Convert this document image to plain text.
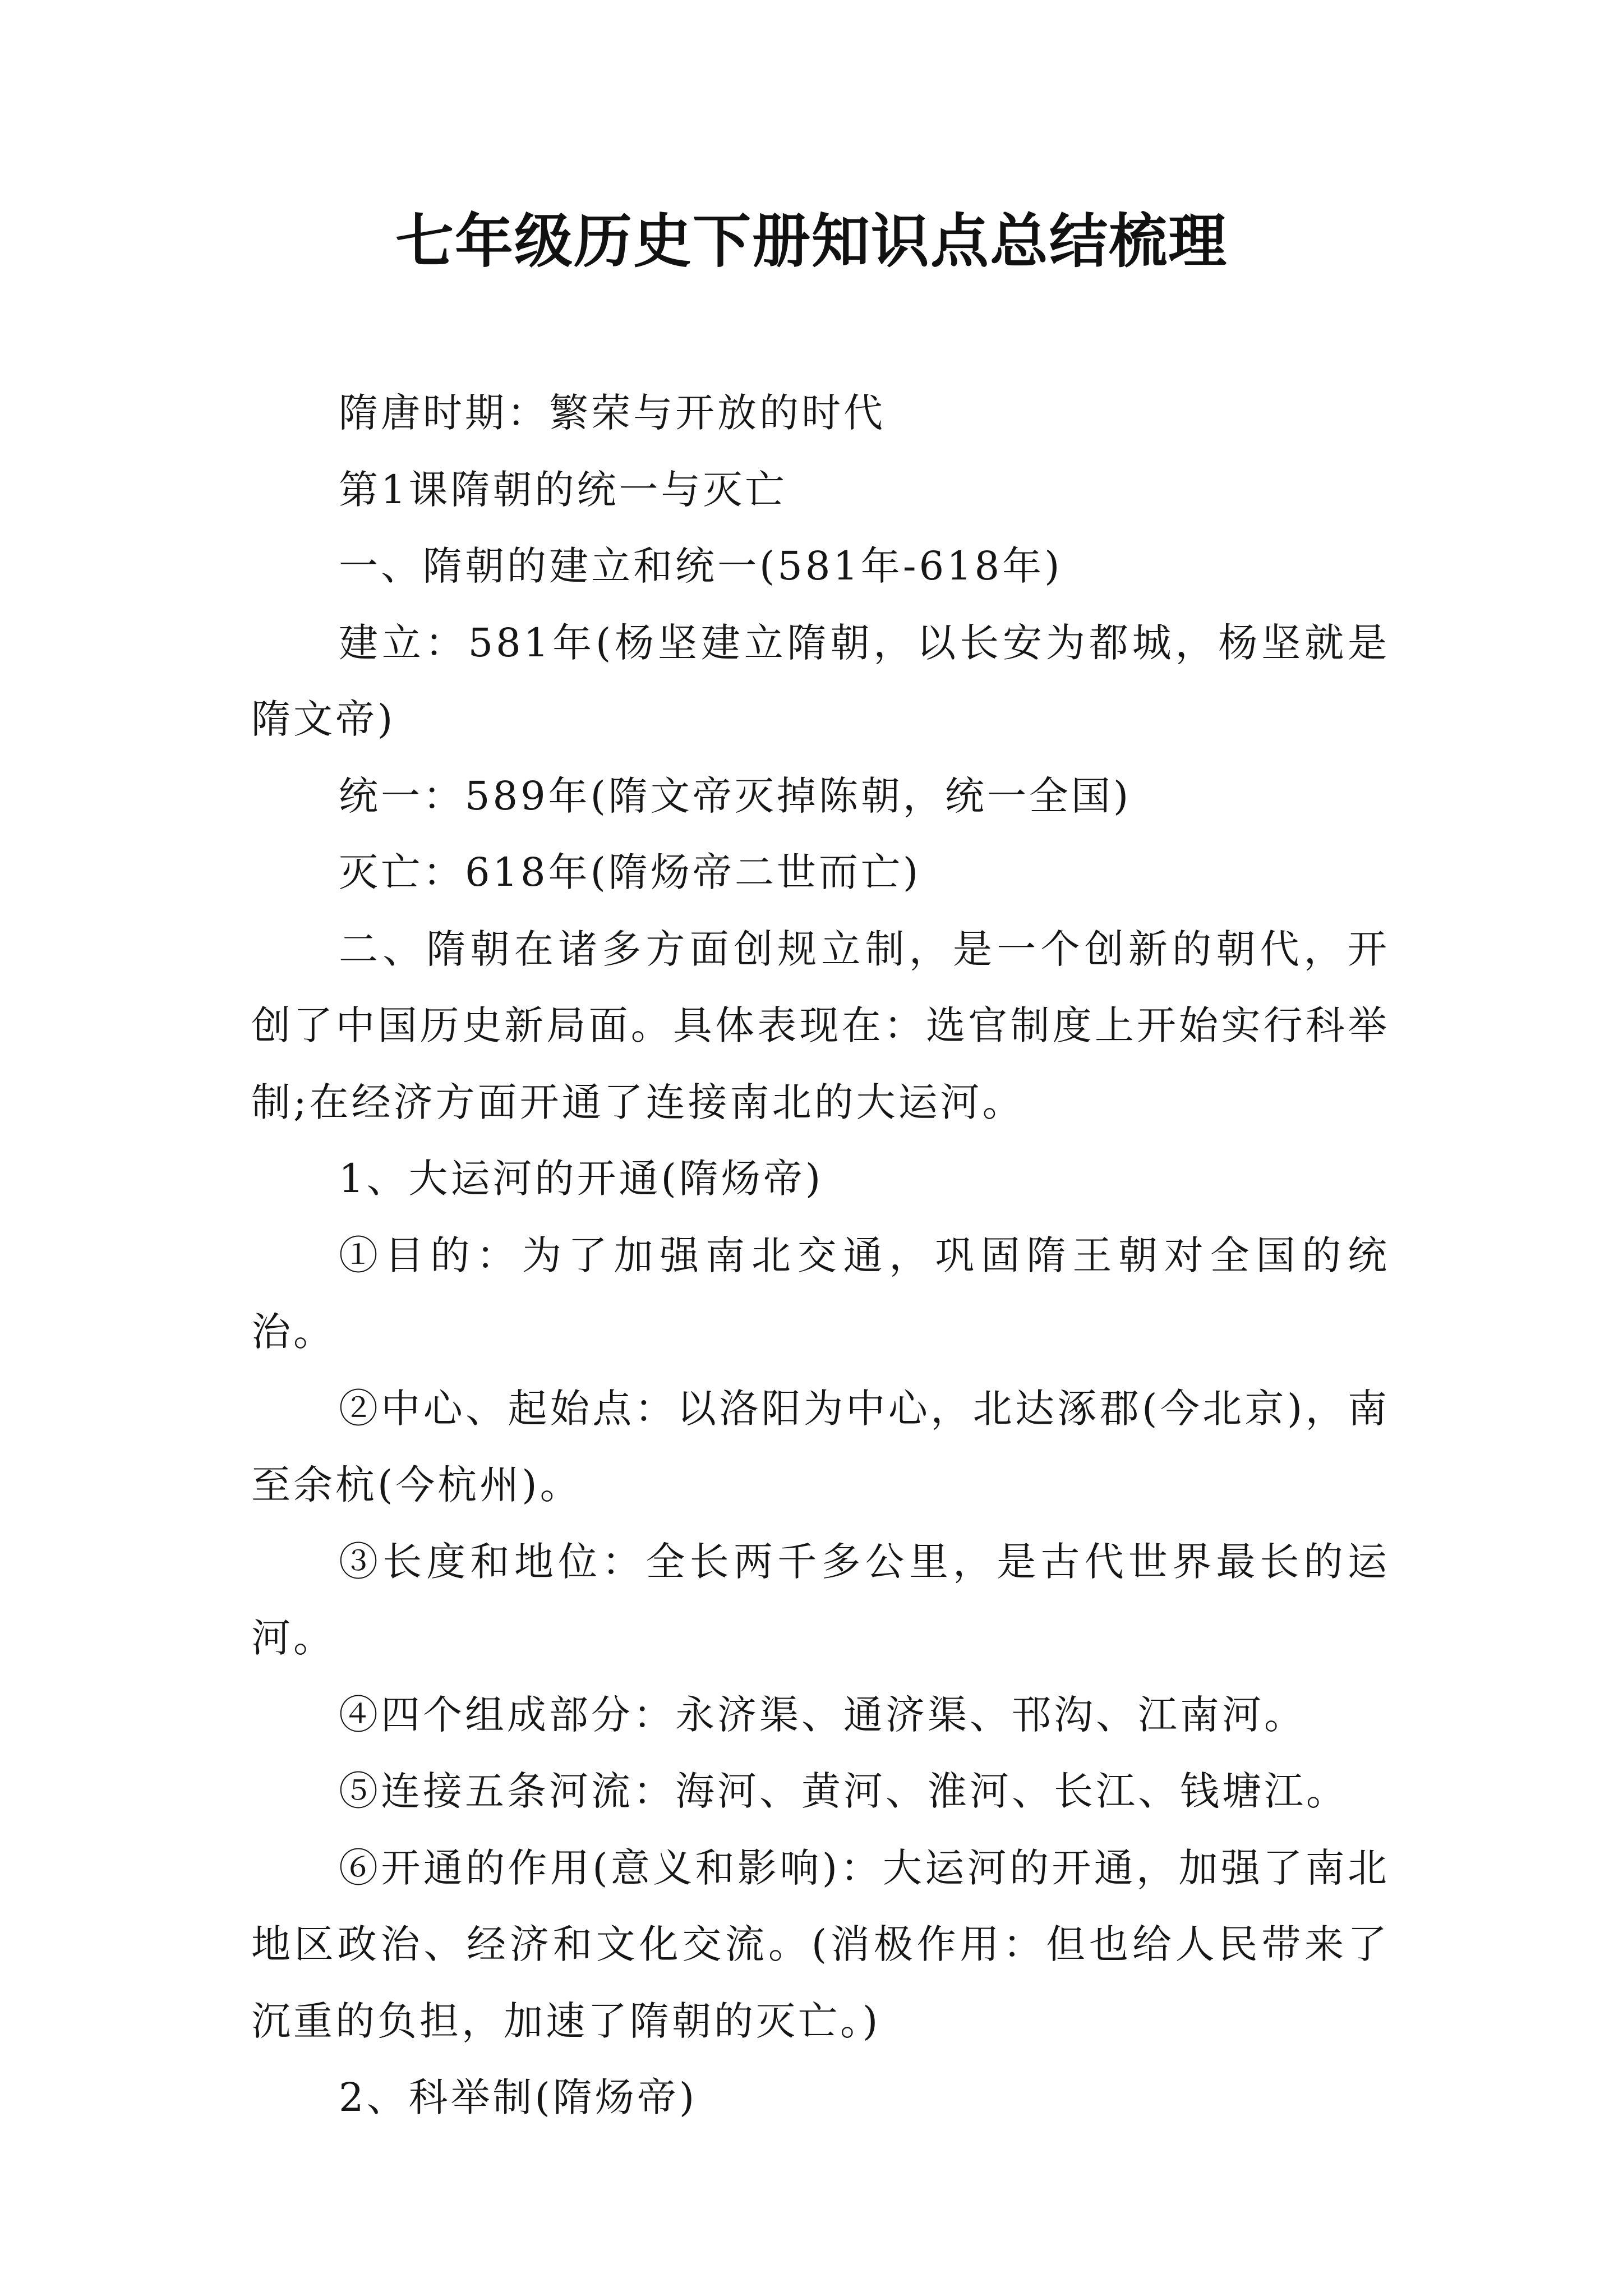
七年级历史下册知识点总结梳理

隋唐时期：繁荣与开放的时代

第1课隋朝的统一与灭亡

一、隋朝的建立和统一(581年-618年)

建立：581年(杨坚建立隋朝，以长安为都城，杨坚就是隋文帝)

统一：589年(隋文帝灭掉陈朝，统一全国)

灭亡：618年(隋炀帝二世而亡)

二、隋朝在诸多方面创规立制，是一个创新的朝代，开创了中国历史新局面。具体表现在：选官制度上开始实行科举制;在经济方面开通了连接南北的大运河。

1、大运河的开通(隋炀帝)

①目的：为了加强南北交通，巩固隋王朝对全国的统治。

②中心、起始点：以洛阳为中心，北达涿郡(今北京)，南至余杭(今杭州)。

③长度和地位：全长两千多公里，是古代世界最长的运河。

④四个组成部分：永济渠、通济渠、邗沟、江南河。

⑤连接五条河流：海河、黄河、淮河、长江、钱塘江。

⑥开通的作用(意义和影响)：大运河的开通，加强了南北地区政治、经济和文化交流。(消极作用：但也给人民带来了沉重的负担，加速了隋朝的灭亡。)

2、科举制(隋炀帝)
